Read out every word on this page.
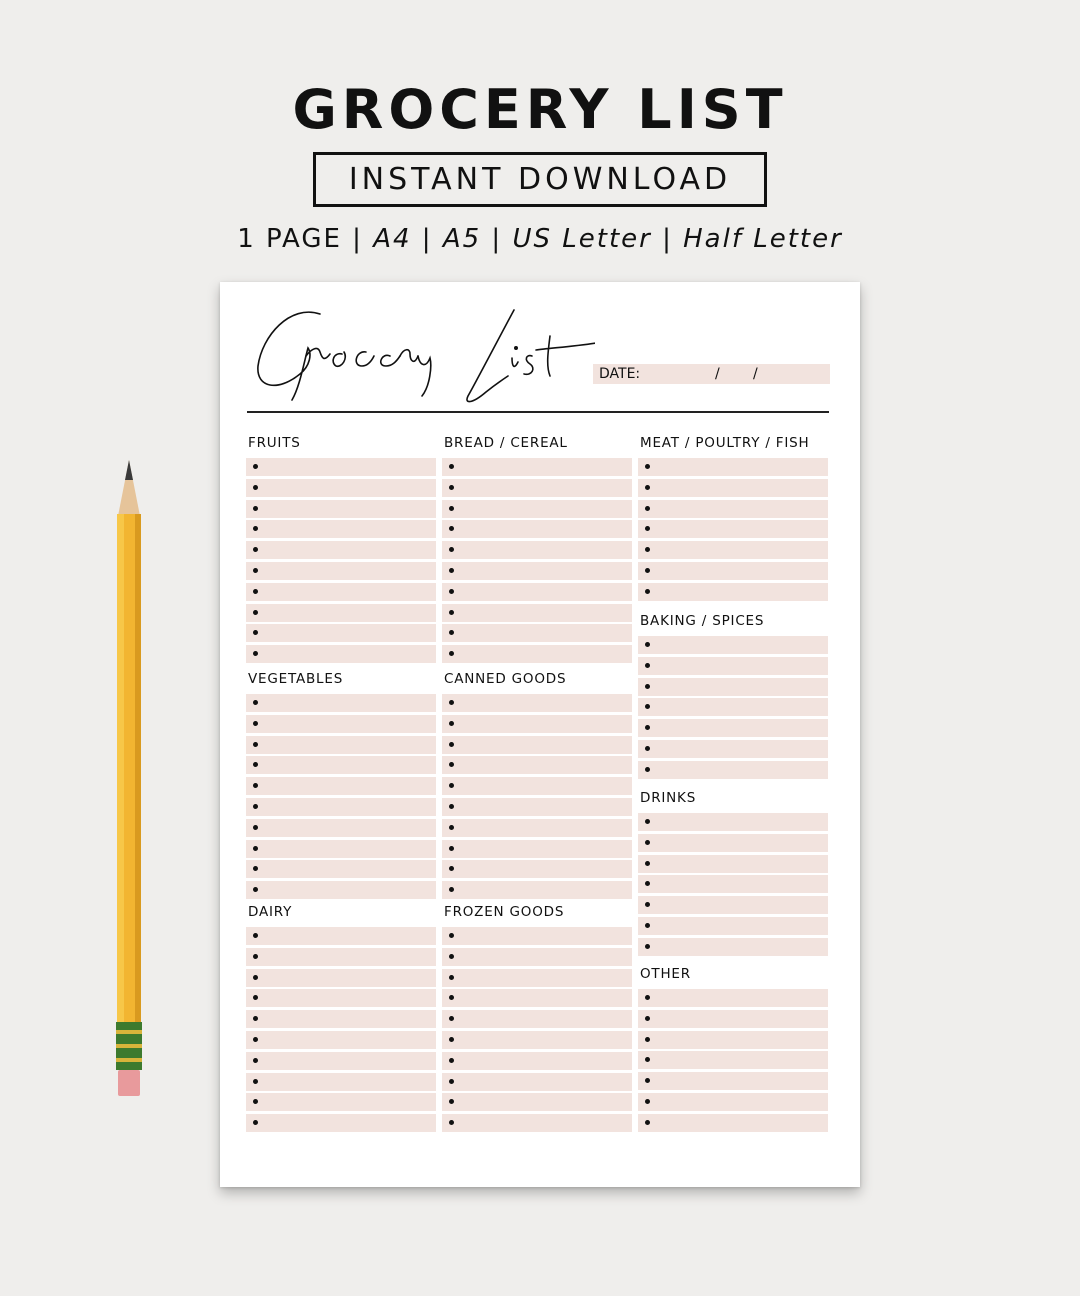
GROCERY LIST
INSTANT DOWNLOAD
1 PAGE | A4 | A5 | US Letter | Half Letter
DATE:	/ /
FRUITS	BREAD / CEREAL	MEAT / POULTRY / FISH
BAKING / SPICES
VEGETABLES	CANNED GOODS
DRINKS
DAIRY	FROZEN GOODS
OTHER
